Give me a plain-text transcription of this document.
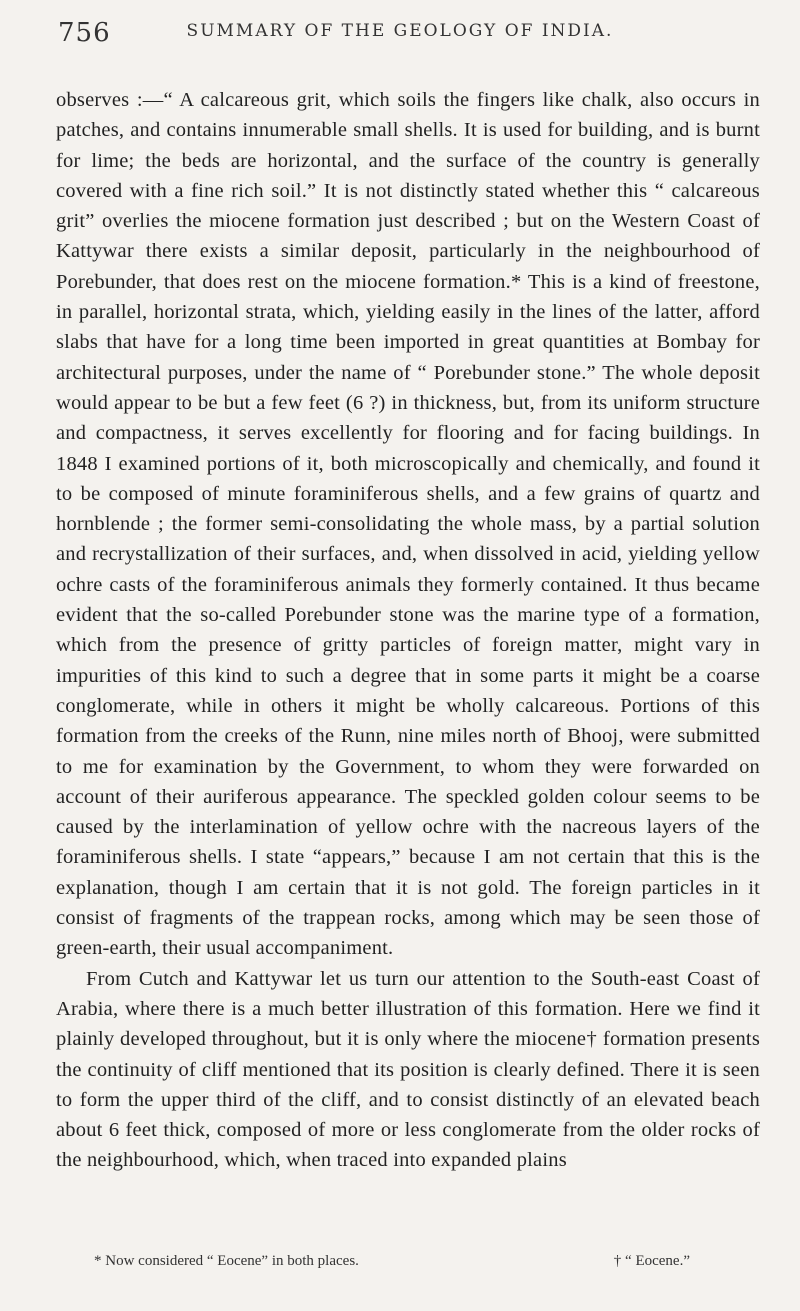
756	SUMMARY OF THE GEOLOGY OF INDIA.

observes :—“ A calcareous grit, which soils the fingers like chalk, also occurs in patches, and contains innumerable small shells. It is used for building, and is burnt for lime; the beds are horizontal, and the surface of the country is generally covered with a fine rich soil.” It is not distinctly stated whether this “ calcareous grit” overlies the miocene formation just described ; but on the Western Coast of Kattywar there exists a similar deposit, particularly in the neighbourhood of Porebunder, that does rest on the miocene formation.* This is a kind of freestone, in parallel, horizontal strata, which, yielding easily in the lines of the latter, afford slabs that have for a long time been imported in great quantities at Bombay for architectural purposes, under the name of “ Porebunder stone.” The whole deposit would appear to be but a few feet (6 ?) in thickness, but, from its uniform structure and compactness, it serves excellently for flooring and for facing buildings. In 1848 I examined portions of it, both microscopically and chemically, and found it to be composed of minute foraminiferous shells, and a few grains of quartz and hornblende ; the former semi-consolidating the whole mass, by a partial solution and recrystallization of their surfaces, and, when dissolved in acid, yielding yellow ochre casts of the foraminiferous animals they formerly contained. It thus became evident that the so-called Porebunder stone was the marine type of a formation, which from the presence of gritty particles of foreign matter, might vary in impurities of this kind to such a degree that in some parts it might be a coarse conglomerate, while in others it might be wholly calcareous. Portions of this formation from the creeks of the Runn, nine miles north of Bhooj, were submitted to me for examination by the Government, to whom they were forwarded on account of their auriferous appearance. The speckled golden colour seems to be caused by the interlamination of yellow ochre with the nacreous layers of the foraminiferous shells. I state “appears,” because I am not certain that this is the explanation, though I am certain that it is not gold. The foreign particles in it consist of fragments of the trappean rocks, among which may be seen those of green-earth, their usual accompaniment.

From Cutch and Kattywar let us turn our attention to the South-east Coast of Arabia, where there is a much better illustration of this formation. Here we find it plainly developed throughout, but it is only where the miocene† formation presents the continuity of cliff mentioned that its position is clearly defined. There it is seen to form the upper third of the cliff, and to consist distinctly of an elevated beach about 6 feet thick, composed of more or less conglomerate from the older rocks of the neighbourhood, which, when traced into expanded plains

* Now considered “ Eocene” in both places.	† “ Eocene.”
